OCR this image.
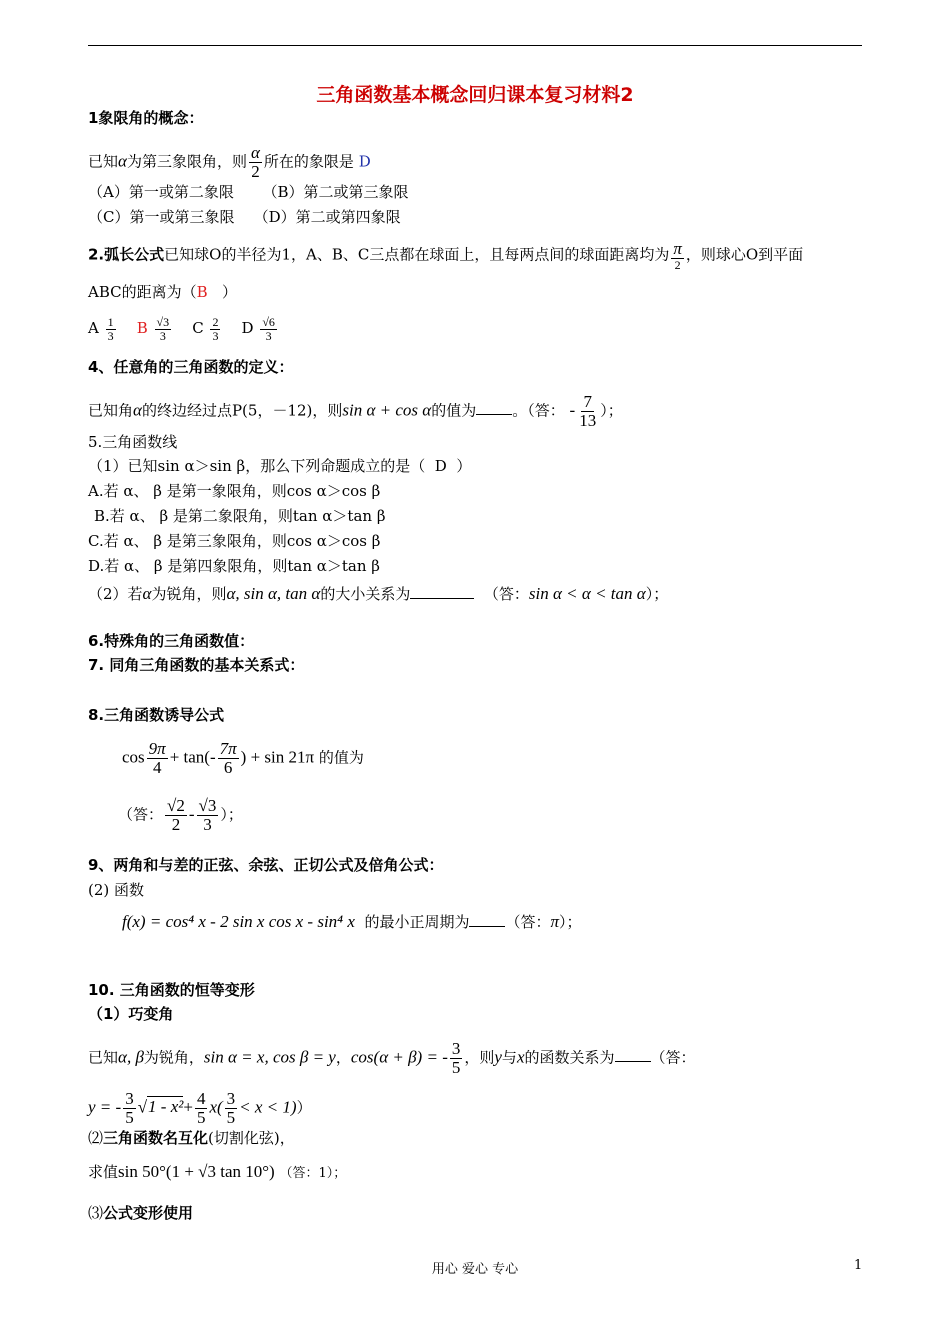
三角函数基本概念回归课本复习材料2
1象限角的概念：
已知α为第三象限角，则 $\frac{\alpha}{2}$ 所在的象限是 D
（A）第一或第二象限 （B）第二或第三象限
（C）第一或第三象限 （D）第二或第四象限
2.弧长公式已知球O的半径为1，A、B、C三点都在球面上，且每两点间的球面距离均为 $\frac{\pi}{2}$ ，则球心O到平面
ABC的距离为（B ）
A $\frac{1}{3}$ B $\frac{√3}{3}$ C $\frac{2}{3}$ D $\frac{√6}{3}$
4、任意角的三角函数的定义：
已知角α的终边经过点P(5，－12)，则sin α + cos α的值为 。（答： - $\frac{7}{13}$ ）；
5.三角函数线
（1）已知sin α＞sin β，那么下列命题成立的是（ D ）
A.若 α、 β 是第一象限角，则cos α＞cos β
B.若 α、 β 是第二象限角，则tan α＞tan β
C.若 α、 β 是第三象限角，则cos α＞cos β
D.若 α、 β 是第四象限角，则tan α＞tan β
（2）若α为锐角，则α, sin α, tan α的大小关系为	（答：sin α < α < tan α）；
6.特殊角的三角函数值：
7. 同角三角函数的基本关系式：
8.三角函数诱导公式
$\cos \frac{9\pi}{4} + \tan(- \frac{7\pi}{6}$ ) + sin 21π 的值为
（答： $\frac{√2}{2} - \frac{√3}{3}$ ）；
9、两角和与差的正弦、余弦、正切公式及倍角公式：
(2) 函数
f(x) = cos⁴ x - 2 sin x cos x - sin⁴ x 的最小正周期为 （答：π）；
10. 三角函数的恒等变形
（1）巧变角
已知α, β为锐角，sin α = x, cos β = y，cos(α + β) = - $\frac{3}{5}$ ，则y与x的函数关系为 （答：
y = - $\frac{3}{5} √1 - x^2+ \frac{4}{5} x( \frac{3}{5} < x < 1)$）
⑵三角函数名互化(切割化弦)，
求值sin 50°(1 + √3 tan 10°) （答：1）；
⑶公式变形使用
用心 爱心 专心	1
